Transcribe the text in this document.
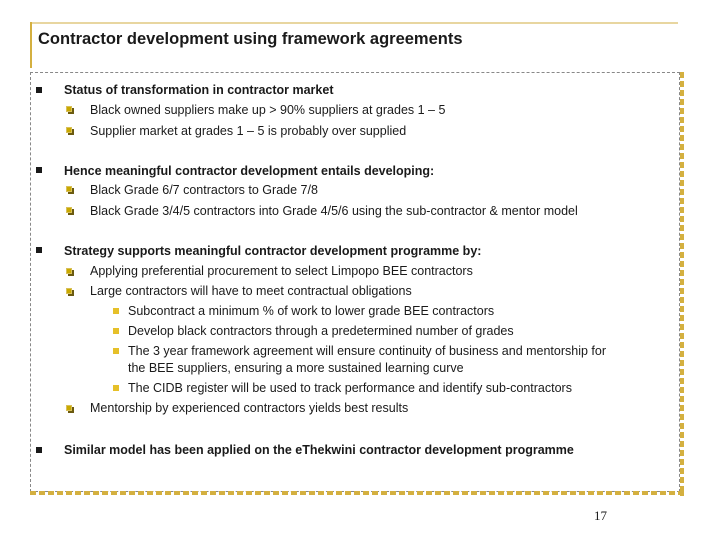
Contractor development using framework agreements
Status of transformation in contractor market
Black owned suppliers make up > 90% suppliers at grades 1 – 5
Supplier market at grades 1 – 5 is probably over supplied
Hence meaningful contractor development entails developing:
Black Grade 6/7 contractors to Grade 7/8
Black Grade 3/4/5 contractors into Grade 4/5/6 using the sub-contractor & mentor model
Strategy supports meaningful contractor development programme by:
Applying preferential procurement to select Limpopo BEE contractors
Large contractors will have to meet contractual obligations
Subcontract a minimum % of work to lower grade BEE contractors
Develop black contractors through a predetermined number of grades
The 3 year framework agreement will ensure continuity of business and mentorship for
the BEE suppliers, ensuring a more sustained learning curve
The CIDB register will be used to track performance and identify sub-contractors
Mentorship by experienced contractors yields best results
Similar model has been applied on the eThekwini contractor development programme
17
